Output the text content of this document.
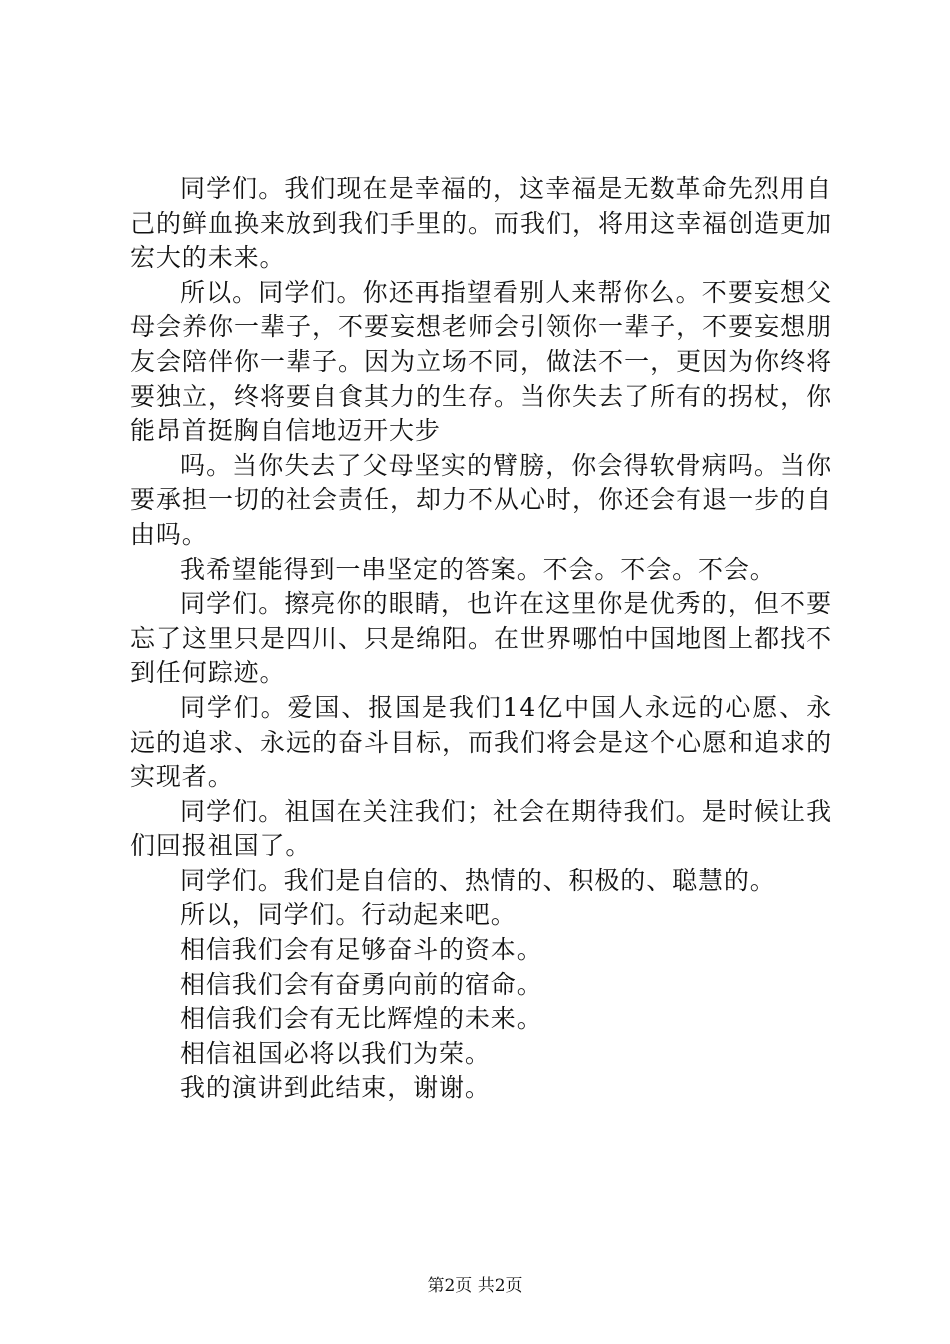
同学们。我们现在是幸福的，这幸福是无数革命先烈用自己的鲜血换来放到我们手里的。而我们，将用这幸福创造更加宏大的未来。

所以。同学们。你还再指望看别人来帮你么。不要妄想父母会养你一辈子，不要妄想老师会引领你一辈子，不要妄想朋友会陪伴你一辈子。因为立场不同，做法不一，更因为你终将要独立，终将要自食其力的生存。当你失去了所有的拐杖，你能昂首挺胸自信地迈开大步

吗。当你失去了父母坚实的臂膀，你会得软骨病吗。当你要承担一切的社会责任，却力不从心时，你还会有退一步的自由吗。

我希望能得到一串坚定的答案。不会。不会。不会。

同学们。擦亮你的眼睛，也许在这里你是优秀的，但不要忘了这里只是四川、只是绵阳。在世界哪怕中国地图上都找不到任何踪迹。

同学们。爱国、报国是我们14亿中国人永远的心愿、永远的追求、永远的奋斗目标，而我们将会是这个心愿和追求的实现者。

同学们。祖国在关注我们；社会在期待我们。是时候让我们回报祖国了。

同学们。我们是自信的、热情的、积极的、聪慧的。

所以，同学们。行动起来吧。

相信我们会有足够奋斗的资本。

相信我们会有奋勇向前的宿命。

相信我们会有无比辉煌的未来。

相信祖国必将以我们为荣。

我的演讲到此结束，谢谢。

第2页 共2页
